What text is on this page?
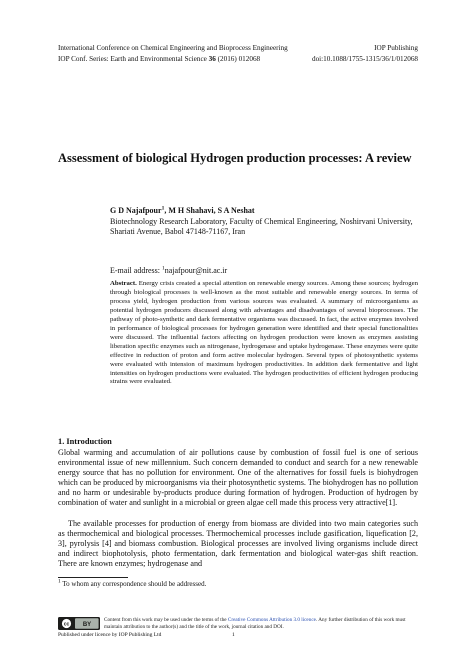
International Conference on Chemical Engineering and Bioprocess Engineering	IOP Publishing
IOP Conf. Series: Earth and Environmental Science 36 (2016) 012068	doi:10.1088/1755-1315/36/1/012068
Assessment of biological Hydrogen production processes: A review
G D Najafpour$^1$, M H Shahavi, S A Neshat
Biotechnology Research Laboratory, Faculty of Chemical Engineering, Noshirvani University, Shariati Avenue, Babol 47148-71167, Iran
E-mail address: $^1$najafpour@nit.ac.ir
Abstract. Energy crisis created a special attention on renewable energy sources. Among these sources; hydrogen through biological processes is well-known as the most suitable and renewable energy sources. In terms of process yield, hydrogen production from various sources was evaluated. A summary of microorganisms as potential hydrogen producers discussed along with advantages and disadvantages of several bioprocesses. The pathway of photo-synthetic and dark fermentative organisms was discussed. In fact, the active enzymes involved in performance of biological processes for hydrogen generation were identified and their special functionalities were discussed. The influential factors affecting on hydrogen production were known as enzymes assisting liberation specific enzymes such as nitrogenase, hydrogenase and uptake hydrogenase. These enzymes were quite effective in reduction of proton and form active molecular hydrogen. Several types of photosynthetic systems were evaluated with intension of maximum hydrogen productivities. In addition dark fermentative and light intensities on hydrogen productions were evaluated. The hydrogen productivities of efficient hydrogen producing strains were evaluated.
1. Introduction
Global warming and accumulation of air pollutions cause by combustion of fossil fuel is one of serious environmental issue of new millennium. Such concern demanded to conduct and search for a new renewable energy source that has no pollution for environment. One of the alternatives for fossil fuels is biohydrogen which can be produced by microorganisms via their photosynthetic systems. The biohydrogen has no pollution and no harm or undesirable by-products produce during formation of hydrogen. Production of hydrogen by combination of water and sunlight in a microbial or green algae cell made this process very attractive[1].
The available processes for production of energy from biomass are divided into two main categories such as thermochemical and biological processes. Thermochemical processes include gasification, liquefication [2, 3], pyrolysis [4] and biomass combustion. Biological processes are involved living organisms include direct and indirect biophotolysis, photo fermentation, dark fermentation and biological water-gas shift reaction. There are known enzymes; hydrogenase and
$^1$ To whom any correspondence should be addressed.
cc BY
Content from this work may be used under the terms of the Creative Commons Attribution 3.0 licence. Any further distribution of this work must maintain attribution to the author(s) and the title of the work, journal citation and DOI.
Published under licence by IOP Publishing Ltd	1
